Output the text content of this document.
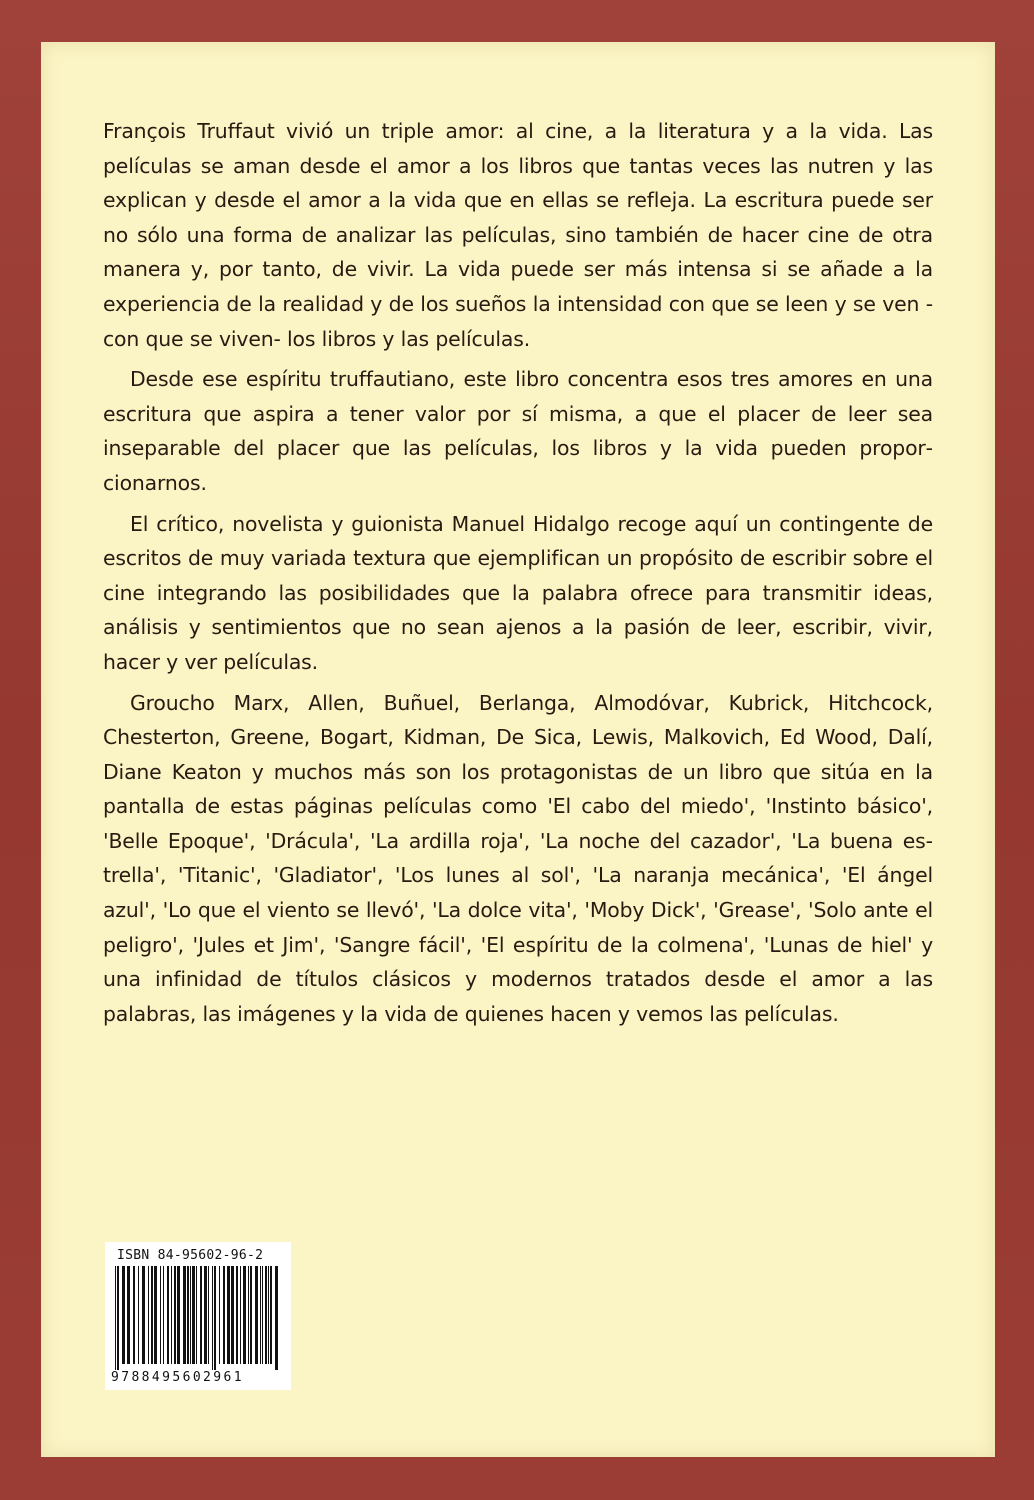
François Truffaut vivió un triple amor: al cine, a la literatura y a la vida. Las películas se aman desde el amor a los libros que tantas veces las nutren y las explican y desde el amor a la vida que en ellas se refleja. La escritura puede ser no sólo una forma de analizar las películas, sino también de hacer cine de otra manera y, por tanto, de vivir. La vida puede ser más intensa si se añade a la experiencia de la realidad y de los sueños la intensidad con que se leen y se ven -con que se viven- los libros y las películas.

Desde ese espíritu truffautiano, este libro concentra esos tres amores en una escritura que aspira a tener valor por sí misma, a que el placer de leer sea inseparable del placer que las películas, los libros y la vida pueden proporcionarnos.

El crítico, novelista y guionista Manuel Hidalgo recoge aquí un contingente de escritos de muy variada textura que ejemplifican un propósito de escribir sobre el cine integrando las posibilidades que la palabra ofrece para transmitir ideas, análisis y sentimientos que no sean ajenos a la pasión de leer, escribir, vivir, hacer y ver películas.

Groucho Marx, Allen, Buñuel, Berlanga, Almodóvar, Kubrick, Hitchcock, Chesterton, Greene, Bogart, Kidman, De Sica, Lewis, Malkovich, Ed Wood, Dalí, Diane Keaton y muchos más son los protagonistas de un libro que sitúa en la pantalla de estas páginas películas como 'El cabo del miedo', 'Instinto básico', 'Belle Epoque', 'Drácula', 'La ardilla roja', 'La noche del cazador', 'La buena estrella', 'Titanic', 'Gladiator', 'Los lunes al sol', 'La naranja mecánica', 'El ángel azul', 'Lo que el viento se llevó', 'La dolce vita', 'Moby Dick', 'Grease', 'Solo ante el peligro', 'Jules et Jim', 'Sangre fácil', 'El espíritu de la colmena', 'Lunas de hiel' y una infinidad de títulos clásicos y modernos tratados desde el amor a las palabras, las imágenes y la vida de quienes hacen y vemos las películas.

ISBN 84-95602-96-2
9788495602961
